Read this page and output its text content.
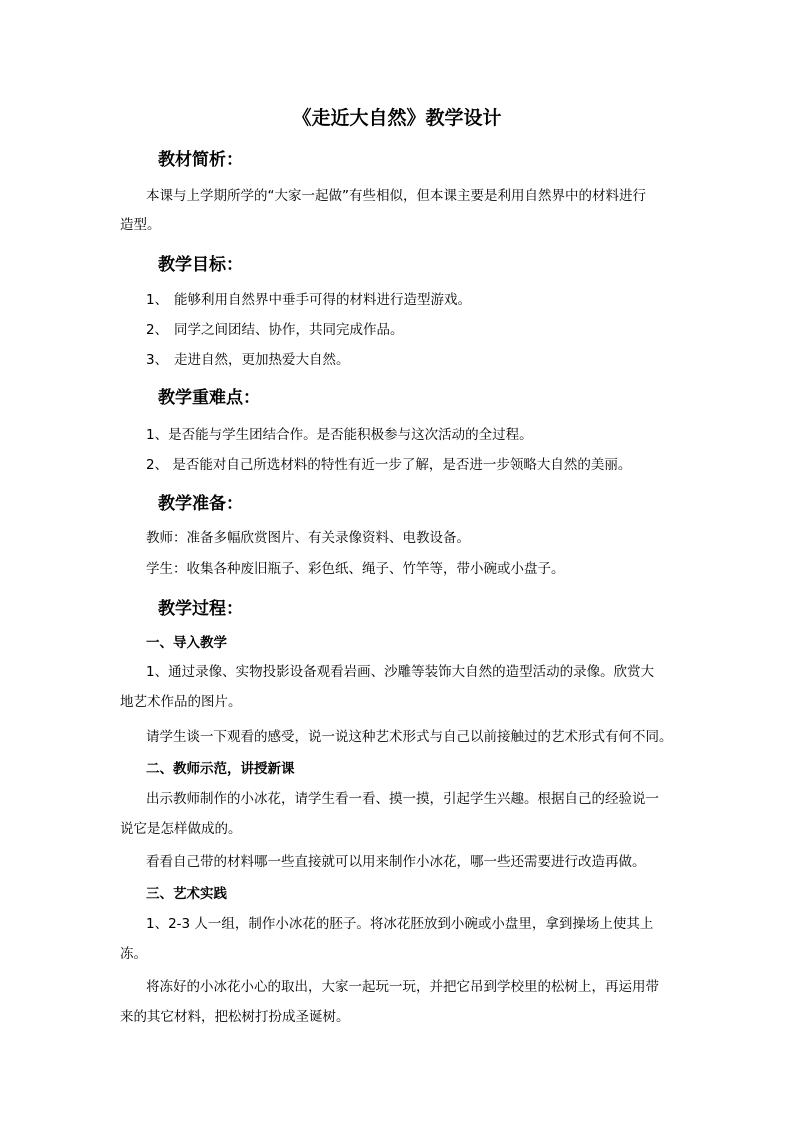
《走近大自然》教学设计
教材简析：
本课与上学期所学的“大家一起做”有些相似，但本课主要是利用自然界中的材料进行
造型。
教学目标：
1、 能够利用自然界中垂手可得的材料进行造型游戏。
2、 同学之间团结、协作，共同完成作品。
3、 走进自然，更加热爱大自然。
教学重难点：
1、是否能与学生团结合作。是否能积极参与这次活动的全过程。
2、 是否能对自己所选材料的特性有近一步了解，是否进一步领略大自然的美丽。
教学准备：
教师：准备多幅欣赏图片、有关录像资料、电教设备。
学生：收集各种废旧瓶子、彩色纸、绳子、竹竿等，带小碗或小盘子。
教学过程：
一、导入教学
1、通过录像、实物投影设备观看岩画、沙雕等装饰大自然的造型活动的录像。欣赏大
地艺术作品的图片。
请学生谈一下观看的感受，说一说这种艺术形式与自己以前接触过的艺术形式有何不同。
二、教师示范，讲授新课
出示教师制作的小冰花，请学生看一看、摸一摸，引起学生兴趣。根据自己的经验说一
说它是怎样做成的。
看看自己带的材料哪一些直接就可以用来制作小冰花，哪一些还需要进行改造再做。
三、艺术实践
1、2-3 人一组，制作小冰花的胚子。将冰花胚放到小碗或小盘里，拿到操场上使其上
冻。
将冻好的小冰花小心的取出，大家一起玩一玩，并把它吊到学校里的松树上，再运用带
来的其它材料，把松树打扮成圣诞树。
